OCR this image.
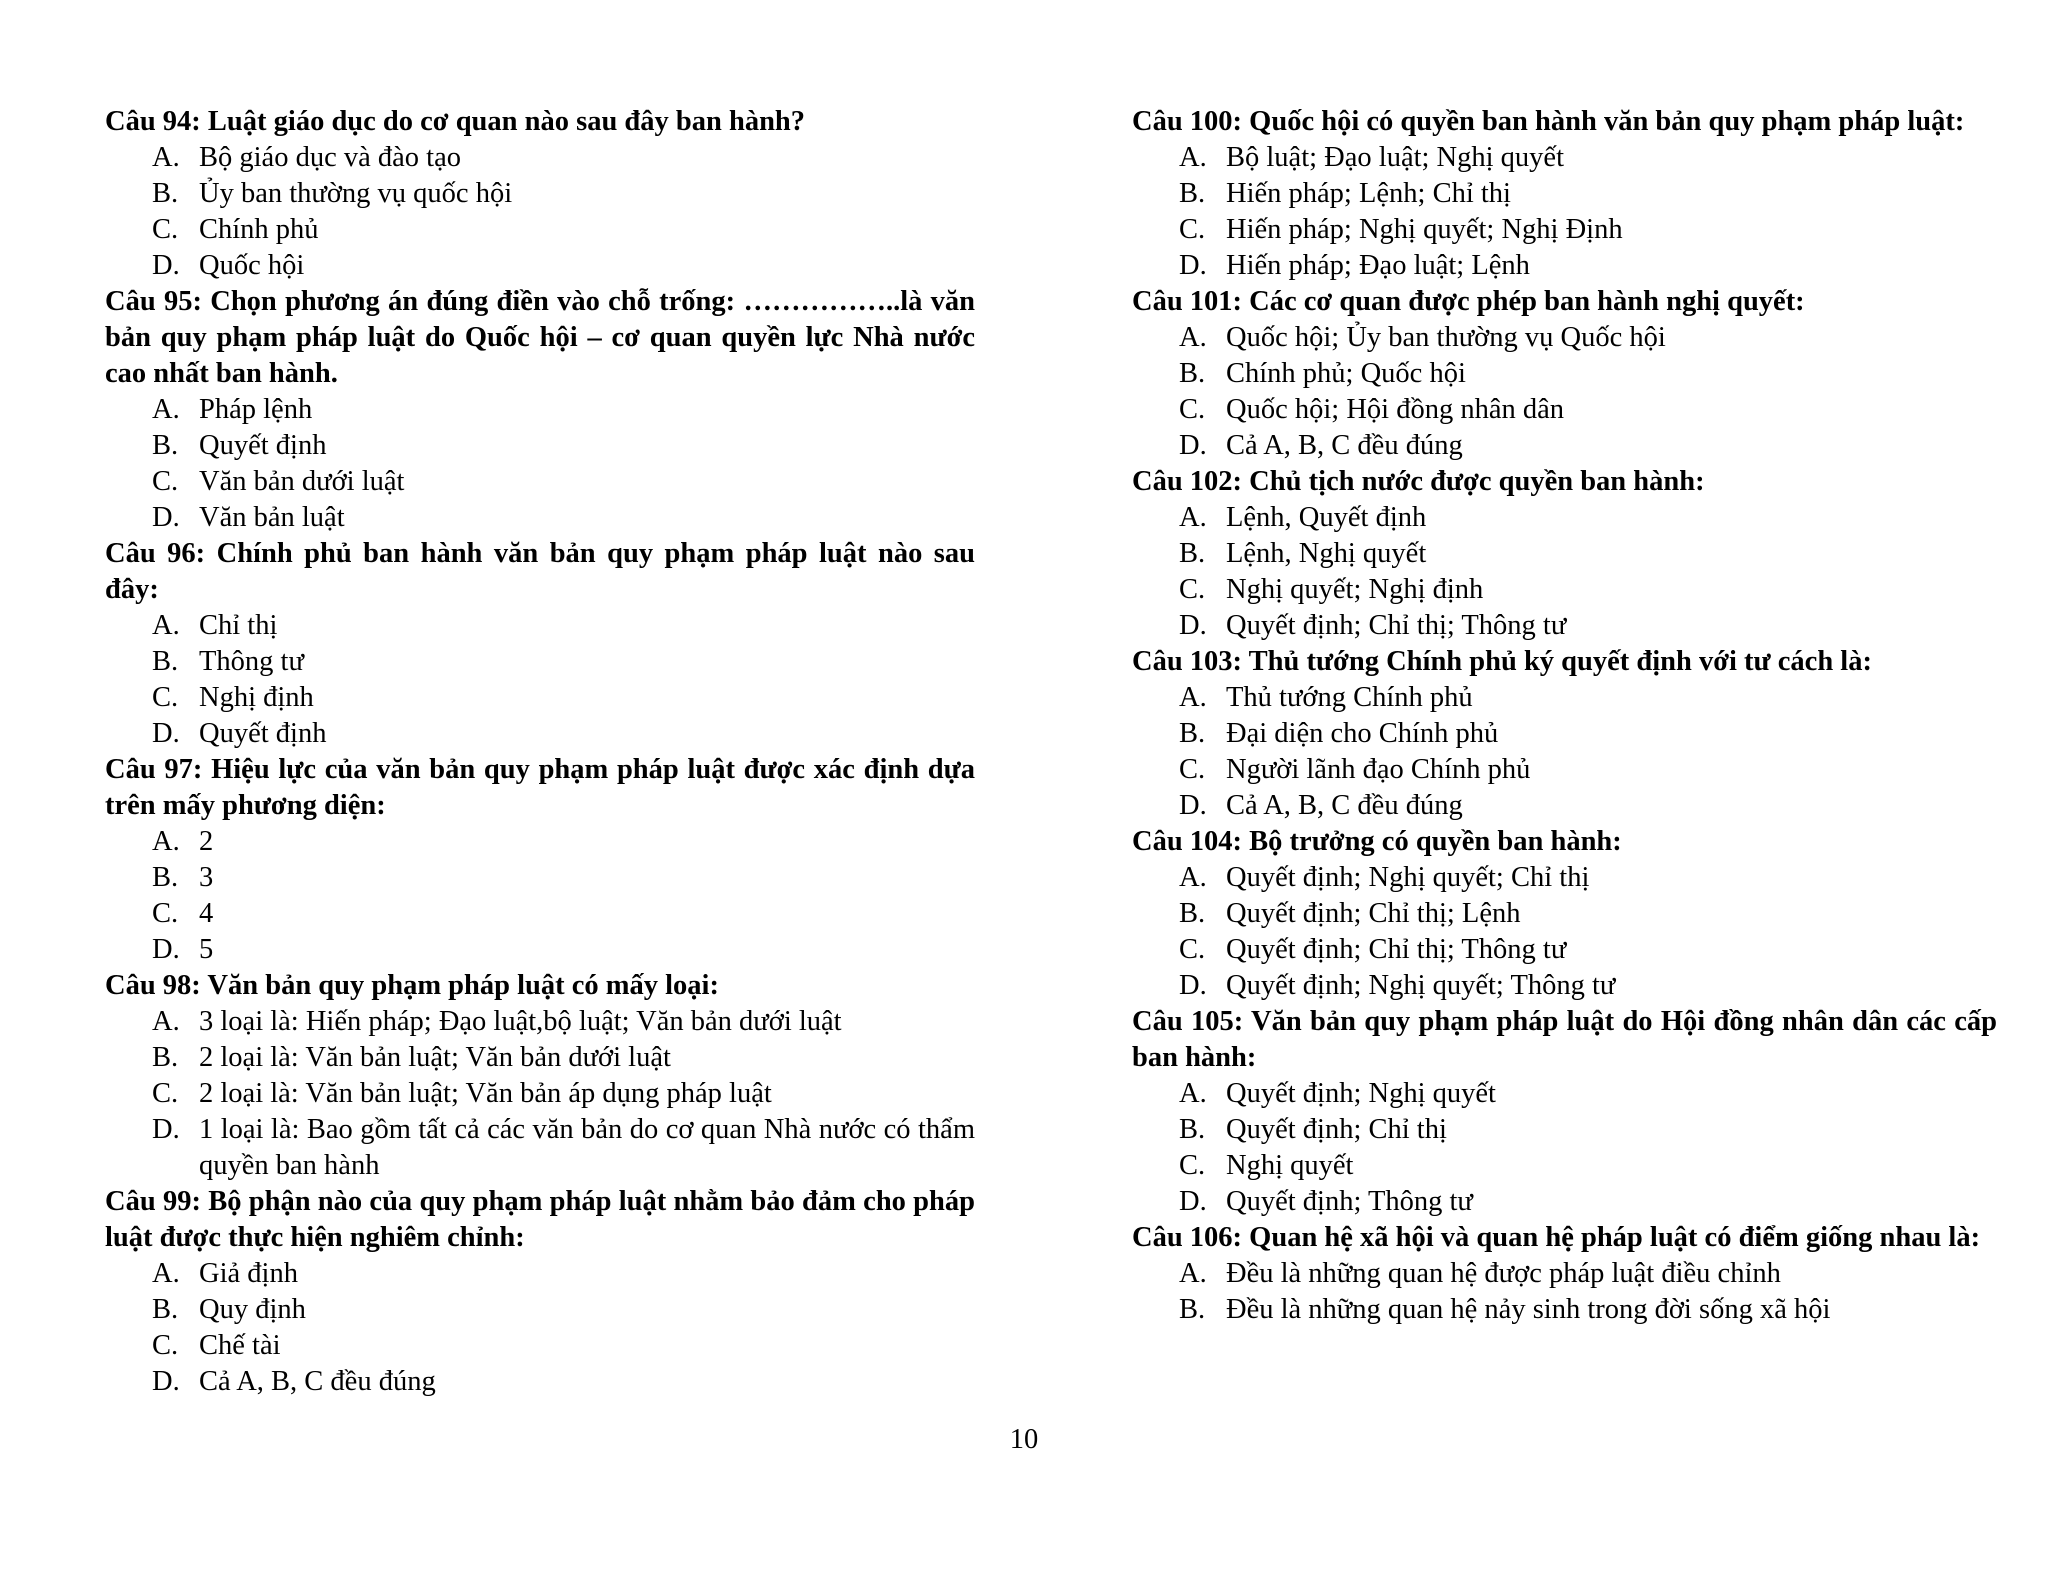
Câu 94: Luật giáo dục do cơ quan nào sau đây ban hành?
A. Bộ giáo dục và đào tạo
B. Ủy ban thường vụ quốc hội
C. Chính phủ
D. Quốc hội
Câu 95: Chọn phương án đúng điền vào chỗ trống: ……………..là văn bản quy phạm pháp luật do Quốc hội – cơ quan quyền lực Nhà nước cao nhất ban hành.
A. Pháp lệnh
B. Quyết định
C. Văn bản dưới luật
D. Văn bản luật
Câu 96: Chính phủ ban hành văn bản quy phạm pháp luật nào sau đây:
A. Chỉ thị
B. Thông tư
C. Nghị định
D. Quyết định
Câu 97: Hiệu lực của văn bản quy phạm pháp luật được xác định dựa trên mấy phương diện:
A. 2
B. 3
C. 4
D. 5
Câu 98: Văn bản quy phạm pháp luật có mấy loại:
A. 3 loại là: Hiến pháp; Đạo luật,bộ luật; Văn bản dưới luật
B. 2 loại là: Văn bản luật; Văn bản dưới luật
C. 2 loại là: Văn bản luật; Văn bản áp dụng pháp luật
D. 1 loại là: Bao gồm tất cả các văn bản do cơ quan Nhà nước có thẩm quyền ban hành
Câu 99: Bộ phận nào của quy phạm pháp luật nhằm bảo đảm cho pháp luật được thực hiện nghiêm chỉnh:
A. Giả định
B. Quy định
C. Chế tài
D. Cả A, B, C đều đúng
Câu 100: Quốc hội có quyền ban hành văn bản quy phạm pháp luật:
A. Bộ luật; Đạo luật; Nghị quyết
B. Hiến pháp; Lệnh; Chỉ thị
C. Hiến pháp; Nghị quyết; Nghị Định
D. Hiến pháp; Đạo luật; Lệnh
Câu 101: Các cơ quan được phép ban hành nghị quyết:
A. Quốc hội; Ủy ban thường vụ Quốc hội
B. Chính phủ; Quốc hội
C. Quốc hội; Hội đồng nhân dân
D. Cả A, B, C đều đúng
Câu 102: Chủ tịch nước được quyền ban hành:
A. Lệnh, Quyết định
B. Lệnh, Nghị quyết
C. Nghị quyết; Nghị định
D. Quyết định; Chỉ thị; Thông tư
Câu 103: Thủ tướng Chính phủ ký quyết định với tư cách là:
A. Thủ tướng Chính phủ
B. Đại diện cho Chính phủ
C. Người lãnh đạo Chính phủ
D. Cả A, B, C đều đúng
Câu 104: Bộ trưởng có quyền ban hành:
A. Quyết định; Nghị quyết; Chỉ thị
B. Quyết định; Chỉ thị; Lệnh
C. Quyết định; Chỉ thị; Thông tư
D. Quyết định; Nghị quyết; Thông tư
Câu 105: Văn bản quy phạm pháp luật do Hội đồng nhân dân các cấp ban hành:
A. Quyết định; Nghị quyết
B. Quyết định; Chỉ thị
C. Nghị quyết
D. Quyết định; Thông tư
Câu 106: Quan hệ xã hội và quan hệ pháp luật có điểm giống nhau là:
A. Đều là những quan hệ được pháp luật điều chỉnh
B. Đều là những quan hệ nảy sinh trong đời sống xã hội
10
